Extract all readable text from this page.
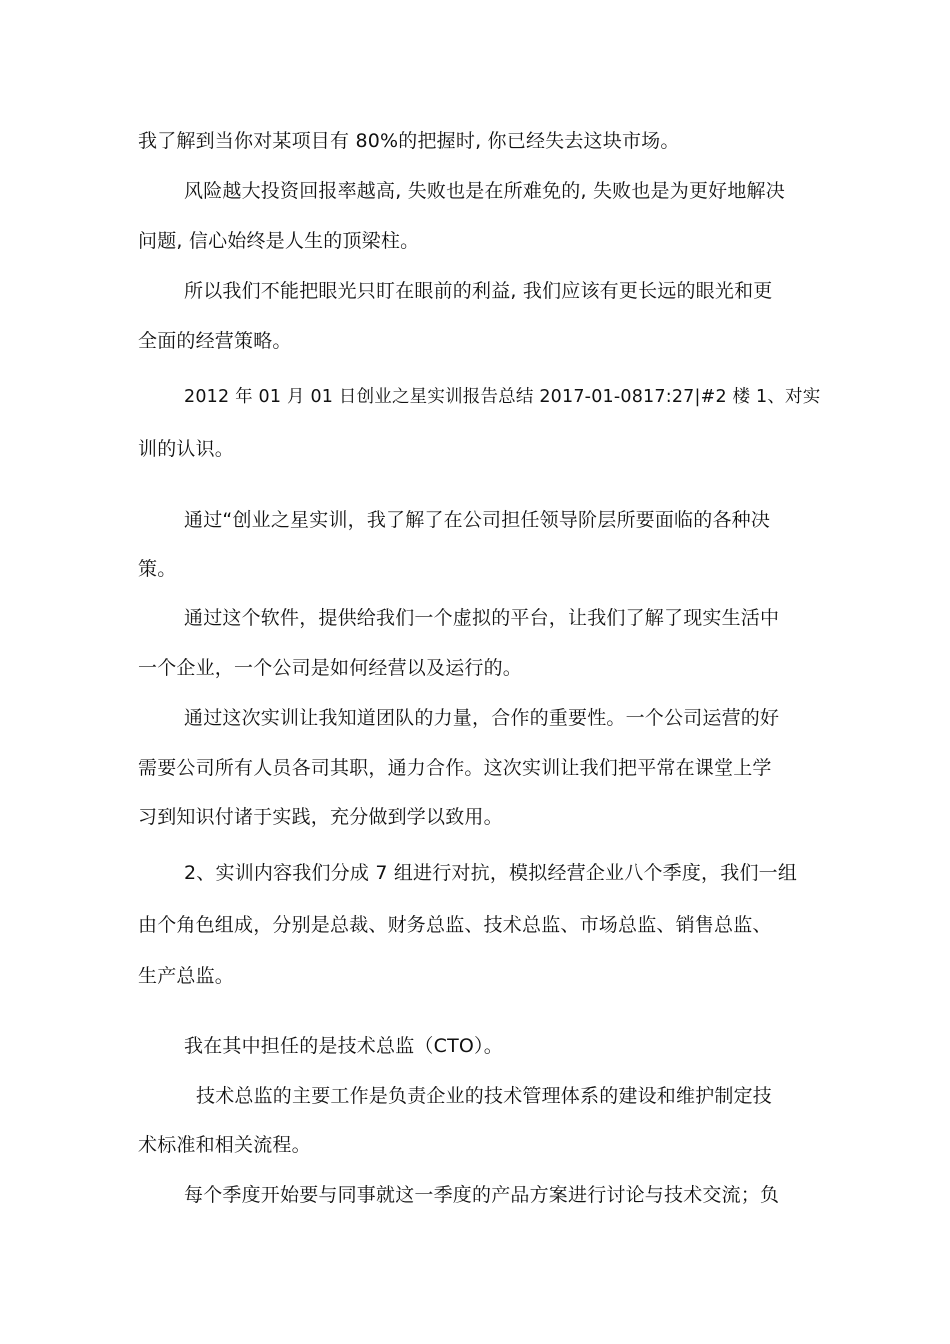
我了解到当你对某项目有 80%的把握时, 你已经失去这块市场。
风险越大投资回报率越高, 失败也是在所难免的, 失败也是为更好地解决
问题, 信心始终是人生的顶梁柱。
所以我们不能把眼光只盯在眼前的利益, 我们应该有更长远的眼光和更
全面的经营策略。
2012 年 01 月 01 日创业之星实训报告总结 2017-01-0817:27|#2 楼 1、对实
训的认识。
通过“创业之星实训，我了解了在公司担任领导阶层所要面临的各种决
策。
通过这个软件，提供给我们一个虚拟的平台，让我们了解了现实生活中
一个企业，一个公司是如何经营以及运行的。
通过这次实训让我知道团队的力量，合作的重要性。一个公司运营的好
需要公司所有人员各司其职，通力合作。这次实训让我们把平常在课堂上学
习到知识付诸于实践，充分做到学以致用。
2、实训内容我们分成 7 组进行对抗，模拟经营企业八个季度，我们一组
由个角色组成，分别是总裁、财务总监、技术总监、市场总监、销售总监、
生产总监。
我在其中担任的是技术总监（CTO）。
技术总监的主要工作是负责企业的技术管理体系的建设和维护制定技
术标准和相关流程。
每个季度开始要与同事就这一季度的产品方案进行讨论与技术交流；负
